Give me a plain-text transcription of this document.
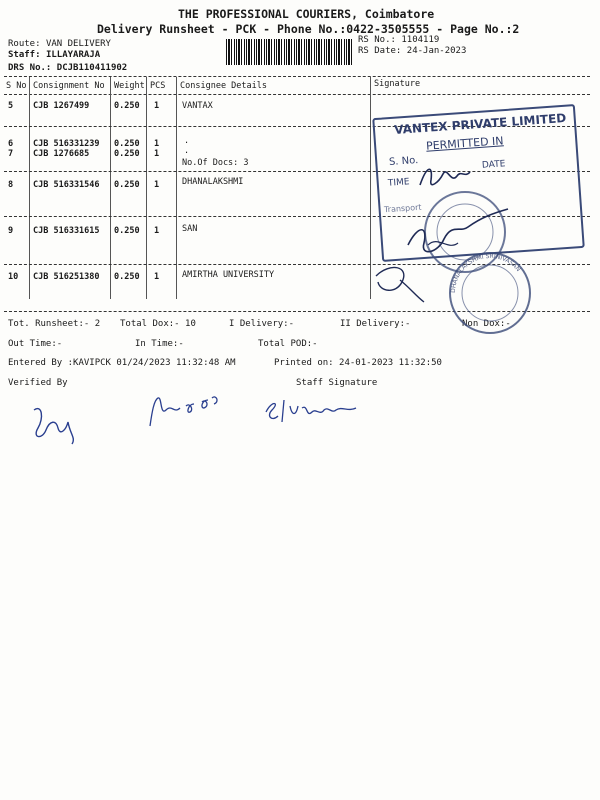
THE PROFESSIONAL COURIERS, Coimbatore
Delivery Runsheet - PCK - Phone No.:0422-3505555 - Page No.:2
Route: VAN DELIVERY
Staff: ILLAYARAJA
DRS No.: DCJB110411902
RS No.: 1104119
RS Date: 24-Jan-2023
S No Consignment No Weight PCS Consignee Details	Signature
5 CJB 1267499	0.250 1	VANTAX
6 CJB 516331239 0.250 1	.
7 CJB 1276685	0.250 1	.
No.Of Docs: 3
8 CJB 516331546 0.250 1	DHANALAKSHMI
9 CJB 516331615 0.250 1	SAN
10 CJB 516251380 0.250 1	AMIRTHA UNIVERSITY
Tot. Runsheet:- 2 Total Dox:- 10	I Delivery:-	II Delivery:-	Non Dox:-
Out Time:-	In Time:-	Total POD:-
Entered By :KAVIPCK 01/24/2023 11:32:48 AM	Printed on: 24-01-2023 11:32:50
Verified By	Staff Signature
VANTEX PRIVATE LIMITED
PERMITTED IN
S. No.	DATE
TIME
Transport
DHANALAKSHMI SRINIVASAN
